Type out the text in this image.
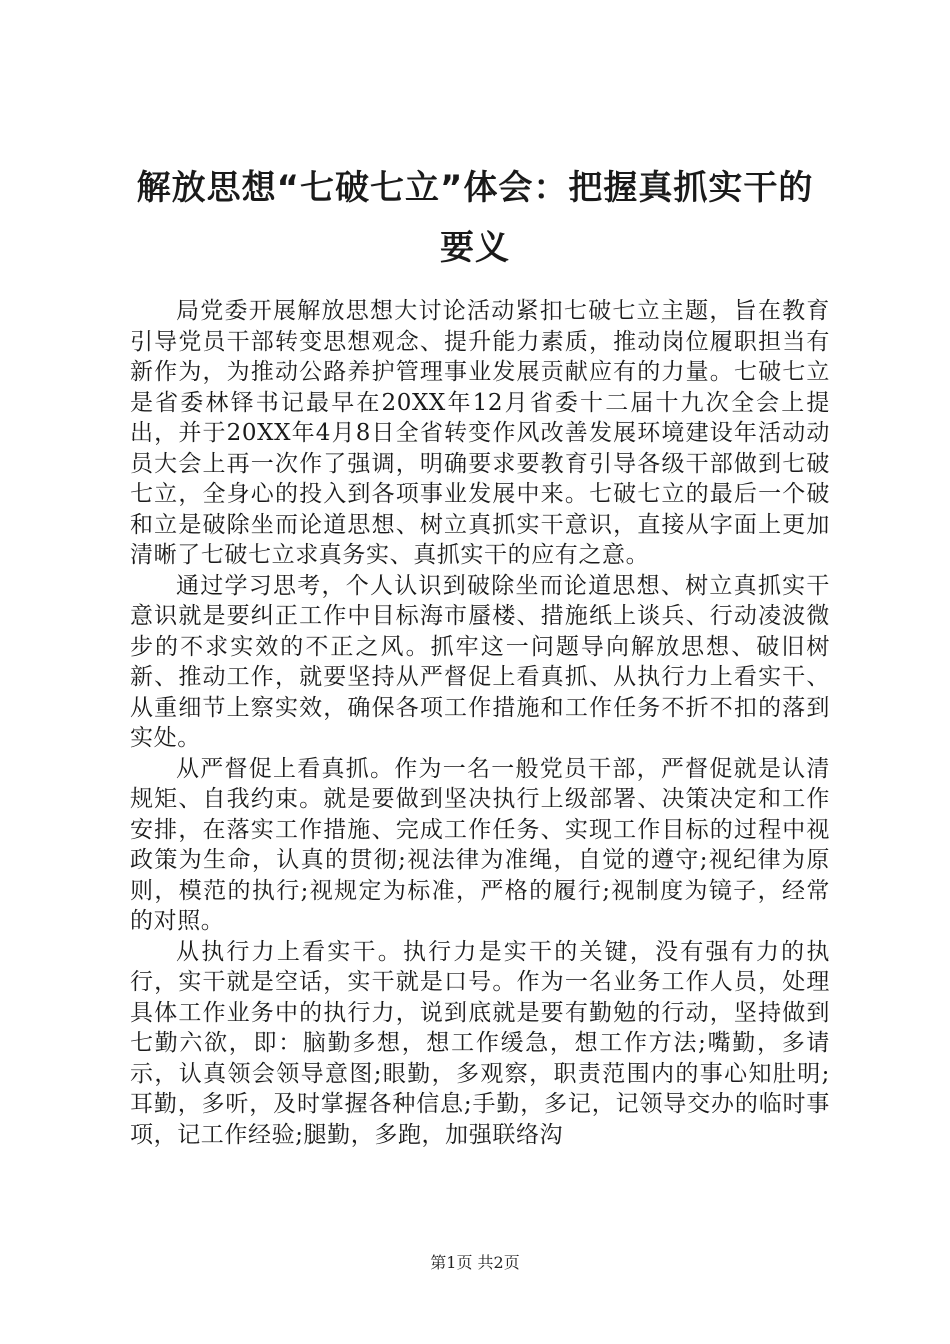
解放思想“七破七立”体会：把握真抓实干的
要义

局党委开展解放思想大讨论活动紧扣七破七立主题，旨在教育引导党员干部转变思想观念、提升能力素质，推动岗位履职担当有新作为，为推动公路养护管理事业发展贡献应有的力量。七破七立是省委林铎书记最早在20XX年12月省委十二届十九次全会上提出，并于20XX年4月8日全省转变作风改善发展环境建设年活动动员大会上再一次作了强调，明确要求要教育引导各级干部做到七破七立，全身心的投入到各项事业发展中来。七破七立的最后一个破和立是破除坐而论道思想、树立真抓实干意识，直接从字面上更加清晰了七破七立求真务实、真抓实干的应有之意。

通过学习思考，个人认识到破除坐而论道思想、树立真抓实干意识就是要纠正工作中目标海市蜃楼、措施纸上谈兵、行动凌波微步的不求实效的不正之风。抓牢这一问题导向解放思想、破旧树新、推动工作，就要坚持从严督促上看真抓、从执行力上看实干、从重细节上察实效，确保各项工作措施和工作任务不折不扣的落到实处。

从严督促上看真抓。作为一名一般党员干部，严督促就是认清规矩、自我约束。就是要做到坚决执行上级部署、决策决定和工作安排，在落实工作措施、完成工作任务、实现工作目标的过程中视政策为生命，认真的贯彻;视法律为准绳，自觉的遵守;视纪律为原则，模范的执行;视规定为标准，严格的履行;视制度为镜子，经常的对照。

从执行力上看实干。执行力是实干的关键，没有强有力的执行，实干就是空话，实干就是口号。作为一名业务工作人员，处理具体工作业务中的执行力，说到底就是要有勤勉的行动，坚持做到七勤六欲，即：脑勤多想，想工作缓急，想工作方法;嘴勤，多请示，认真领会领导意图;眼勤，多观察，职责范围内的事心知肚明;耳勤，多听，及时掌握各种信息;手勤，多记，记领导交办的临时事项，记工作经验;腿勤，多跑，加强联络沟

第1页 共2页
